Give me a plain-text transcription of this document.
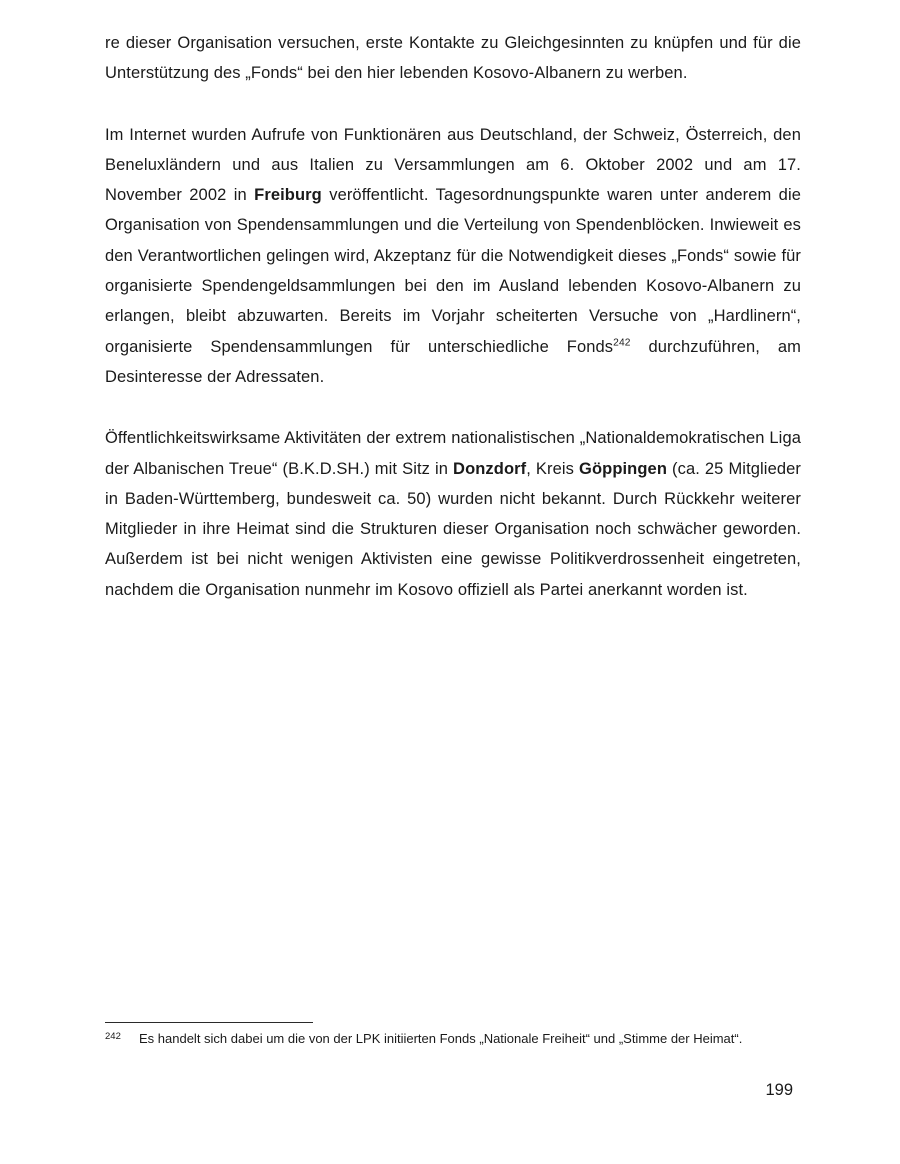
re dieser Organisation versuchen, erste Kontakte zu Gleichgesinnten zu knüpfen und für die Unterstützung des „Fonds“ bei den hier lebenden Kosovo-Albanern zu werben.

Im Internet wurden Aufrufe von Funktionären aus Deutschland, der Schweiz, Österreich, den Beneluxländern und aus Italien zu Versammlungen am 6. Oktober 2002 und am 17. November 2002 in Freiburg veröffentlicht. Tagesordnungspunkte waren unter anderem die Organisation von Spendensammlungen und die Verteilung von Spendenblöcken. Inwieweit es den Verantwortlichen gelingen wird, Akzeptanz für die Notwendigkeit dieses „Fonds“ sowie für organisierte Spendengeldsammlungen bei den im Ausland lebenden Kosovo-Albanern zu erlangen, bleibt abzuwarten. Bereits im Vorjahr scheiterten Versuche von „Hardlinern“, organisierte Spendensammlungen für unterschiedliche Fonds$^{242}$ durchzuführen, am Desinteresse der Adressaten.

Öffentlichkeitswirksame Aktivitäten der extrem nationalistischen „Nationaldemokratischen Liga der Albanischen Treue“ (B.K.D.SH.) mit Sitz in Donzdorf, Kreis Göppingen (ca. 25 Mitglieder in Baden-Württemberg, bundesweit ca. 50) wurden nicht bekannt. Durch Rückkehr weiterer Mitglieder in ihre Heimat sind die Strukturen dieser Organisation noch schwächer geworden. Außerdem ist bei nicht wenigen Aktivisten eine gewisse Politikverdrossenheit eingetreten, nachdem die Organisation nunmehr im Kosovo offiziell als Partei anerkannt worden ist.

242	Es handelt sich dabei um die von der LPK initiierten Fonds „Nationale Freiheit“ und „Stimme der Heimat“.
199
